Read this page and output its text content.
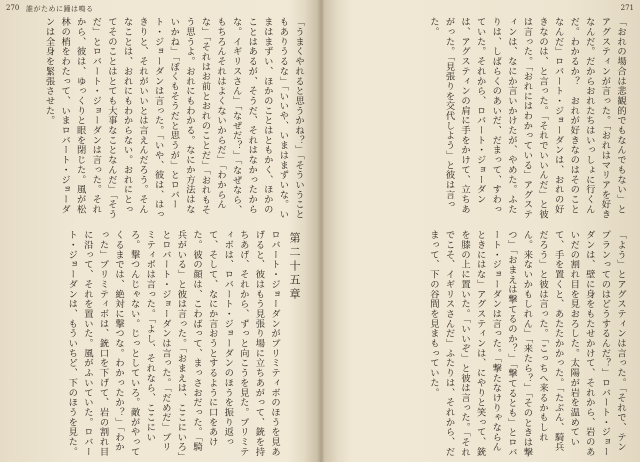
270 誰がために鐘は鳴る

「うまくやれると思うかね？」「そういうこともありうるな」「いいや、いまはまずいな。いまはまずい、ほかのことはともかく、ほかのことはあるが、そうだ、それはなかったからな。イギリスさん」「なぜだ？」「なぜなら、もちろんそれはよくないからだ」「わからんな」「それはお前とおれのことだ」「おれもそう思うよ。おれにもわかる。なにか方法はないかね」「ぼくもそうだと思うが」とロバート・ジョーダンは言った。「いや、彼は、はっきりと、それがいいとは言えんだろう。そんなことは、おれにもわからない。おれにとってそのことはとても大事なことなんだ」「そうだ」とロバート・ジョーダンは言った。それから、彼は、ゆっくりと眼を閉じた。風が松林の梢をわたって、いまロバート・ジョーダンは全身を緊張させた。

第二十五章

ロバート・ジョーダンがプリミティボのほうを見あげると、彼はもう見張り場に立ちあがって、銃を持ちあげ、それから、ずっと向こうを見た。プリミティボは、ロバート・ジョーダンのほうを振り返って、そして、なにか言おうとするように口をあけた。彼の顔は、こわばって、まっさおだった。「騎兵がいる」と彼は言った。「おまえは、ここにいろ」とロバート・ジョーダンは言った。「だめだ」プリミティボは言った。「よし、それなら、ここにいろ。撃つんじゃない。じっとしていろ。敵がやってくるまでは、絶対に撃つな。わかったか？」「わかった」プリミティボは、銃口を下げて、岩の割れ目に沿って、それを置いた。風がふいていた。ロバート・ジョーダンは、もういちど、下のほうを見た。

271

「おれの場合は悲観的でもなんでもない」とアグスティンが言った。「おれはマリアを好きなんだ。だからおれたちはいっしょに行くんだ。わかるか？　おれが好きなのはそのことなんだ」ロバート・ジョーダンは、おれの好きなのは、と言った。「それでいいんだ」と彼は言った。「おれにはわかっている」アグスティンは、なにか言いかけたが、やめた。ふたりは、しばらくのあいだ、だまって、すわっていた。それから、ロバート・ジョーダンは、アグスティンの肩に手をかけて、立ちあがった。「見張りを交代しよう」と彼は言った。

「よう」とアグスティンは言った。「それで、テンプランってのはどうするんだ？」ロバート・ジョーダンは、壁に身をもたせかけて、それから、岩のあいだの割れ目を見おろした。太陽が岩を温めていて、手を置くと、あたたかかった。「たぶん、騎兵だろう」と彼は言った。「こっちへ来るかもしれん。来ないかもしれん」「来たら？」「そのときは撃つ」「おまえは撃てるのか？」「撃てるとも」とロバート・ジョーダンは言った。「撃たなけりゃならんときにはな」アグスティンは、にやりと笑って、銃を膝の上に置いた。「いいぞ」と彼は言った。「それでこそ、イギリスさんだ」ふたりは、それから、だまって、下の谷間を見まもっていた。
